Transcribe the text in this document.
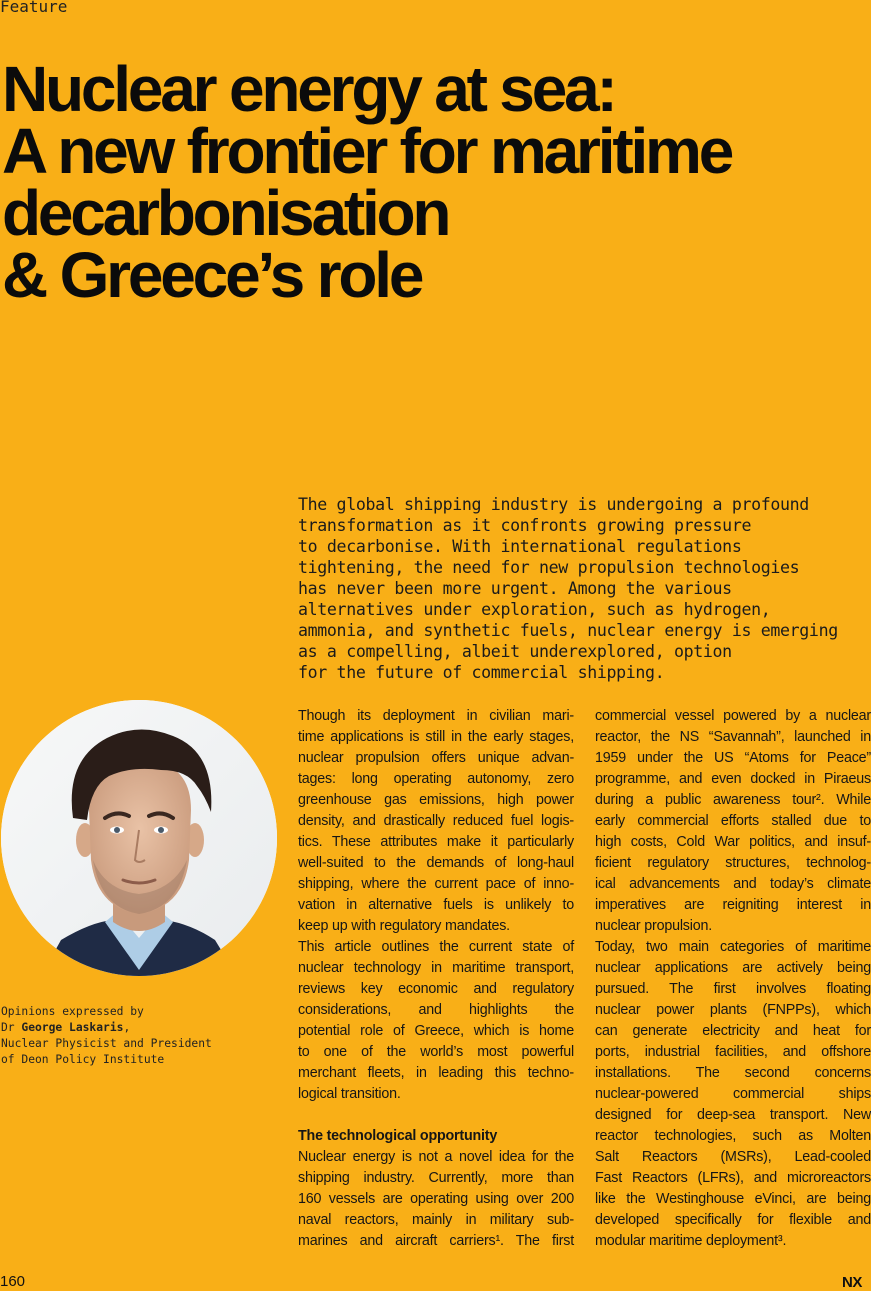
Feature
Nuclear energy at sea:
A new frontier for maritime
decarbonisation
& Greece’s role
The global shipping industry is undergoing a profound
transformation as it confronts growing pressure
to decarbonise. With international regulations
tightening, the need for new propulsion technologies
has never been more urgent. Among the various
alternatives under exploration, such as hydrogen,
ammonia, and synthetic fuels, nuclear energy is emerging
as a compelling, albeit underexplored, option
for the future of commercial shipping.
Opinions expressed by
Dr George Laskaris,
Nuclear Physicist and President
of Deon Policy Institute
Though its deployment in civilian mari-
time applications is still in the early stages,
nuclear propulsion offers unique advan-
tages: long operating autonomy, zero
greenhouse gas emissions, high power
density, and drastically reduced fuel logis-
tics. These attributes make it particularly
well-suited to the demands of long-haul
shipping, where the current pace of inno-
vation in alternative fuels is unlikely to
keep up with regulatory mandates.
This article outlines the current state of
nuclear technology in maritime transport,
reviews key economic and regulatory
considerations, and highlights the
potential role of Greece, which is home
to one of the world’s most powerful
merchant fleets, in leading this techno-
logical transition.
The technological opportunity
Nuclear energy is not a novel idea for the
shipping industry. Currently, more than
160 vessels are operating using over 200
naval reactors, mainly in military sub-
marines and aircraft carriers¹. The first
commercial vessel powered by a nuclear
reactor, the NS “Savannah”, launched in
1959 under the US “Atoms for Peace”
programme, and even docked in Piraeus
during a public awareness tour². While
early commercial efforts stalled due to
high costs, Cold War politics, and insuf-
ficient regulatory structures, technolog-
ical advancements and today’s climate
imperatives are reigniting interest in
nuclear propulsion.
Today, two main categories of maritime
nuclear applications are actively being
pursued. The first involves floating
nuclear power plants (FNPPs), which
can generate electricity and heat for
ports, industrial facilities, and offshore
installations. The second concerns
nuclear-powered commercial ships
designed for deep-sea transport. New
reactor technologies, such as Molten
Salt Reactors (MSRs), Lead-cooled
Fast Reactors (LFRs), and microreactors
like the Westinghouse eVinci, are being
developed specifically for flexible and
modular maritime deployment³.
160	NX
